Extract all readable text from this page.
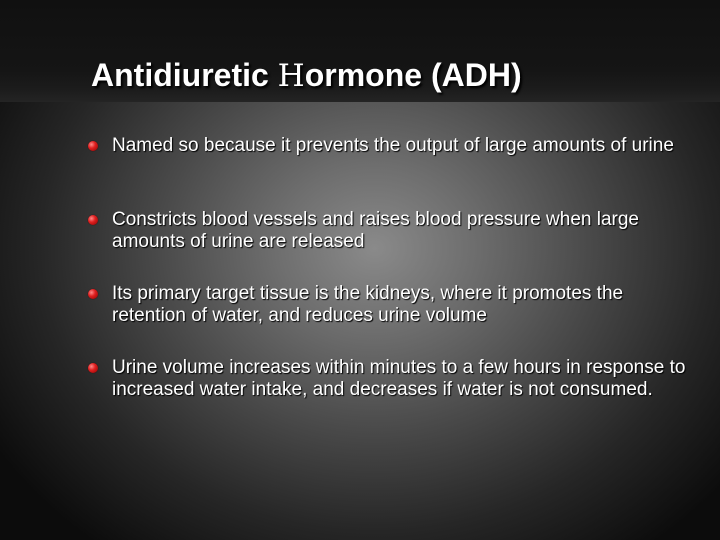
Antidiuretic Hormone (ADH)
Named so because it prevents the output of large amounts of urine
Constricts blood vessels and raises blood pressure when large amounts of urine are released
Its primary target tissue is the kidneys, where it promotes the retention of water, and reduces urine volume
Urine volume increases within minutes to a few hours in response to increased water intake, and decreases if water is not consumed.
